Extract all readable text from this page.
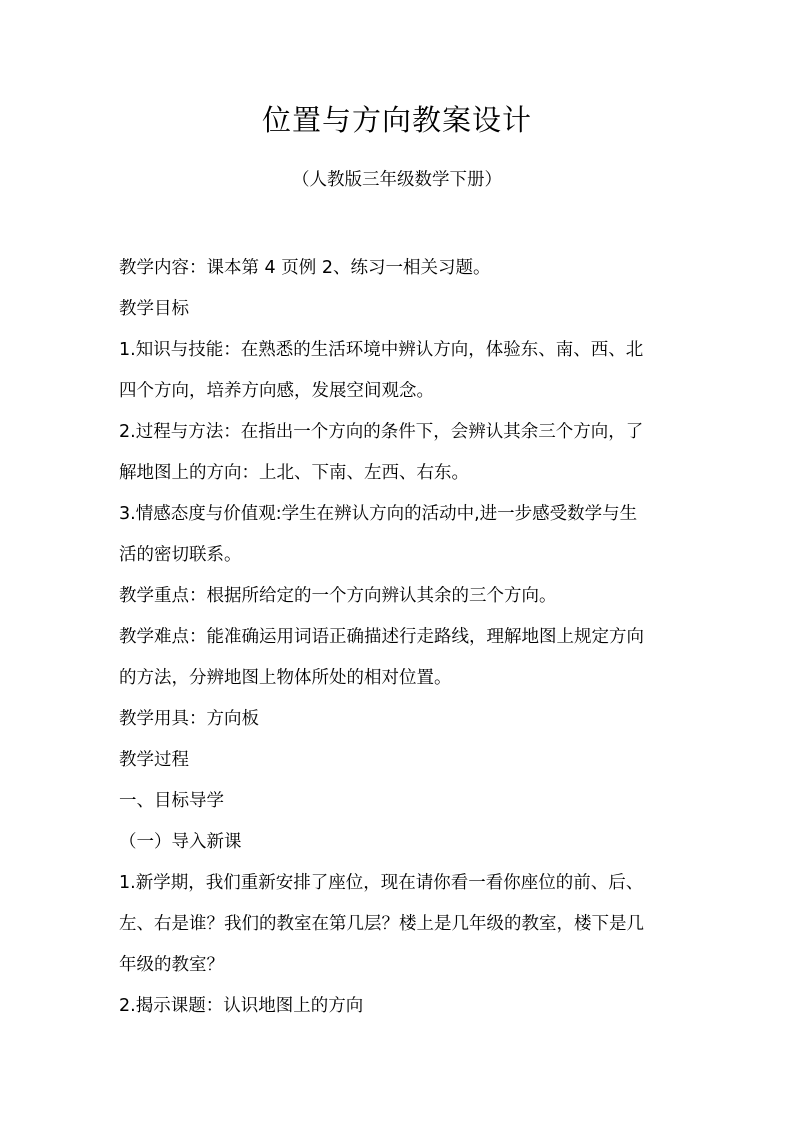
位置与方向教案设计
（人教版三年级数学下册）
教学内容：课本第 4 页例 2、练习一相关习题。
教学目标
1.知识与技能：在熟悉的生活环境中辨认方向，体验东、南、西、北
四个方向，培养方向感，发展空间观念。
2.过程与方法：在指出一个方向的条件下，会辨认其余三个方向，了
解地图上的方向：上北、下南、左西、右东。
3.情感态度与价值观:学生在辨认方向的活动中,进一步感受数学与生
活的密切联系。
教学重点：根据所给定的一个方向辨认其余的三个方向。
教学难点：能准确运用词语正确描述行走路线，理解地图上规定方向
的方法，分辨地图上物体所处的相对位置。
教学用具：方向板
教学过程
一、目标导学
（一）导入新课
1.新学期，我们重新安排了座位，现在请你看一看你座位的前、后、
左、右是谁？我们的教室在第几层？楼上是几年级的教室，楼下是几
年级的教室？
2.揭示课题：认识地图上的方向
